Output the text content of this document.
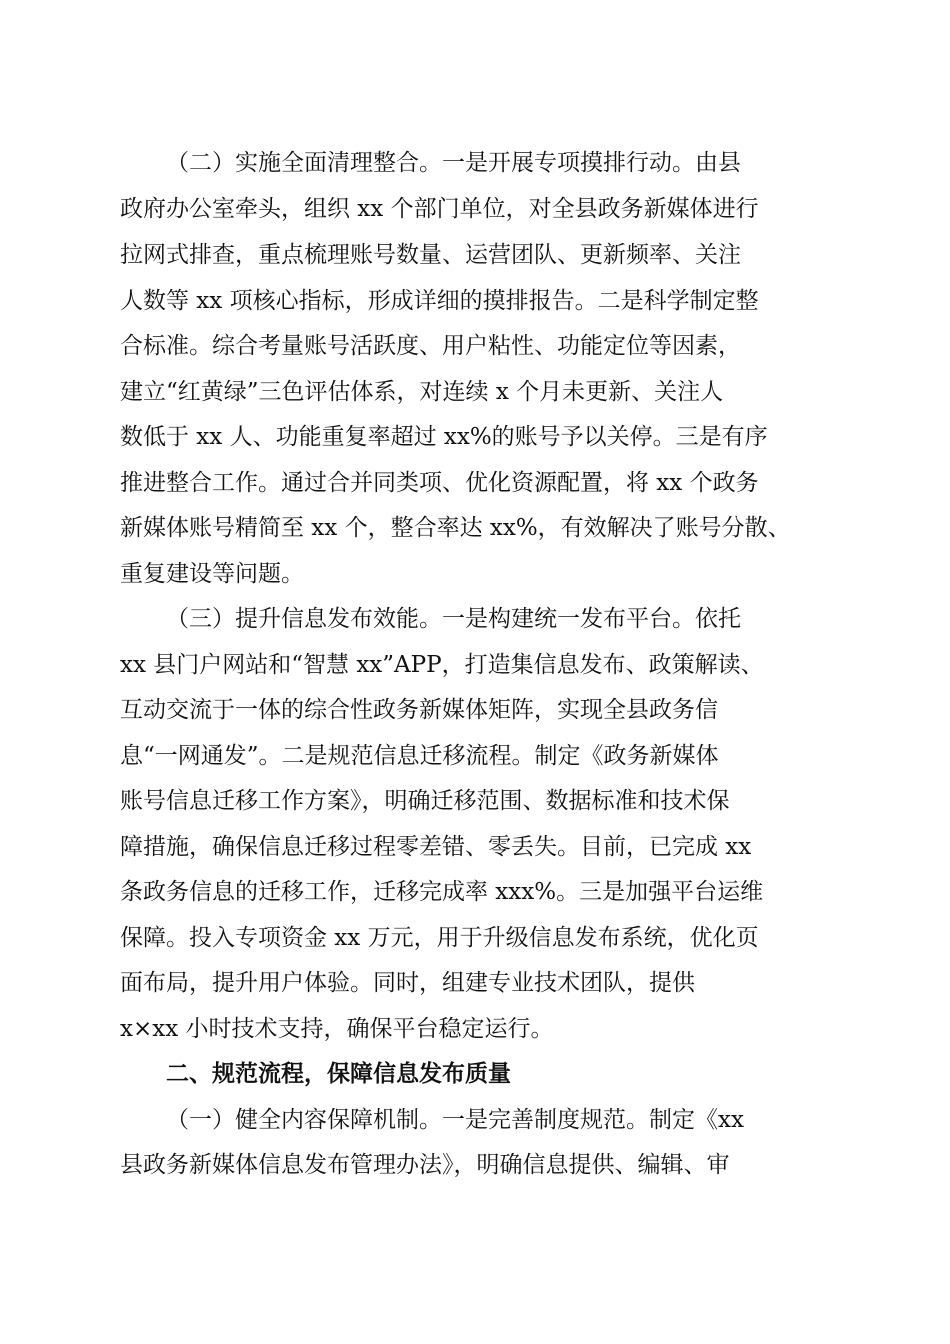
（二）实施全面清理整合。一是开展专项摸排行动。由县

政府办公室牵头，组织 xx 个部门单位，对全县政务新媒体进行

拉网式排查，重点梳理账号数量、运营团队、更新频率、关注

人数等 xx 项核心指标，形成详细的摸排报告。二是科学制定整

合标准。综合考量账号活跃度、用户粘性、功能定位等因素，

建立“红黄绿”三色评估体系，对连续 x 个月未更新、关注人

数低于 xx 人、功能重复率超过 xx%的账号予以关停。三是有序

推进整合工作。通过合并同类项、优化资源配置，将 xx 个政务

新媒体账号精简至 xx 个，整合率达 xx%，有效解决了账号分散、

重复建设等问题。

（三）提升信息发布效能。一是构建统一发布平台。依托

xx 县门户网站和“智慧 xx”APP，打造集信息发布、政策解读、

互动交流于一体的综合性政务新媒体矩阵，实现全县政务信

息“一网通发”。二是规范信息迁移流程。制定《政务新媒体

账号信息迁移工作方案》，明确迁移范围、数据标准和技术保

障措施，确保信息迁移过程零差错、零丢失。目前，已完成 xx

条政务信息的迁移工作，迁移完成率 xxx%。三是加强平台运维

保障。投入专项资金 xx 万元，用于升级信息发布系统，优化页

面布局，提升用户体验。同时，组建专业技术团队，提供

x×xx 小时技术支持，确保平台稳定运行。

二、规范流程，保障信息发布质量

（一）健全内容保障机制。一是完善制度规范。制定《xx

县政务新媒体信息发布管理办法》，明确信息提供、编辑、审
